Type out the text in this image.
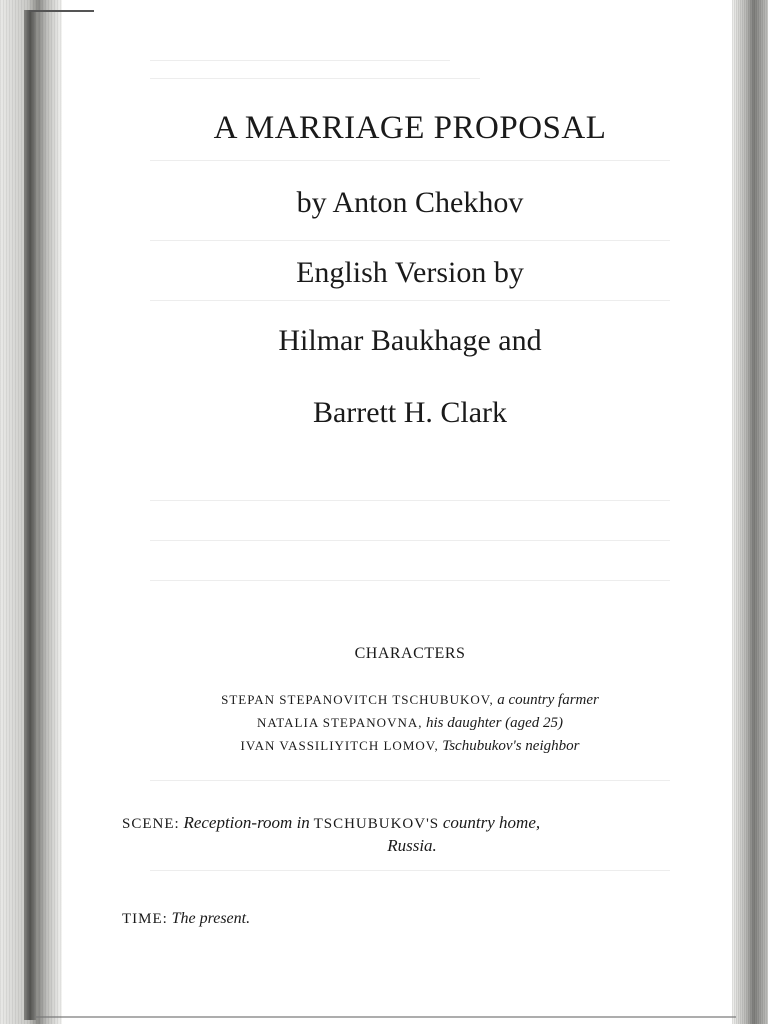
A MARRIAGE PROPOSAL
by Anton Chekhov
English Version by
Hilmar Baukhage and
Barrett H. Clark
CHARACTERS
STEPAN STEPANOVITCH TSCHUBUKOV, a country farmer
NATALIA STEPANOVNA, his daughter (aged 25)
IVAN VASSILIYITCH LOMOV, Tschubukov's neighbor
SCENE: Reception-room in TSCHUBUKOV'S country home,
Russia.
TIME: The present.
